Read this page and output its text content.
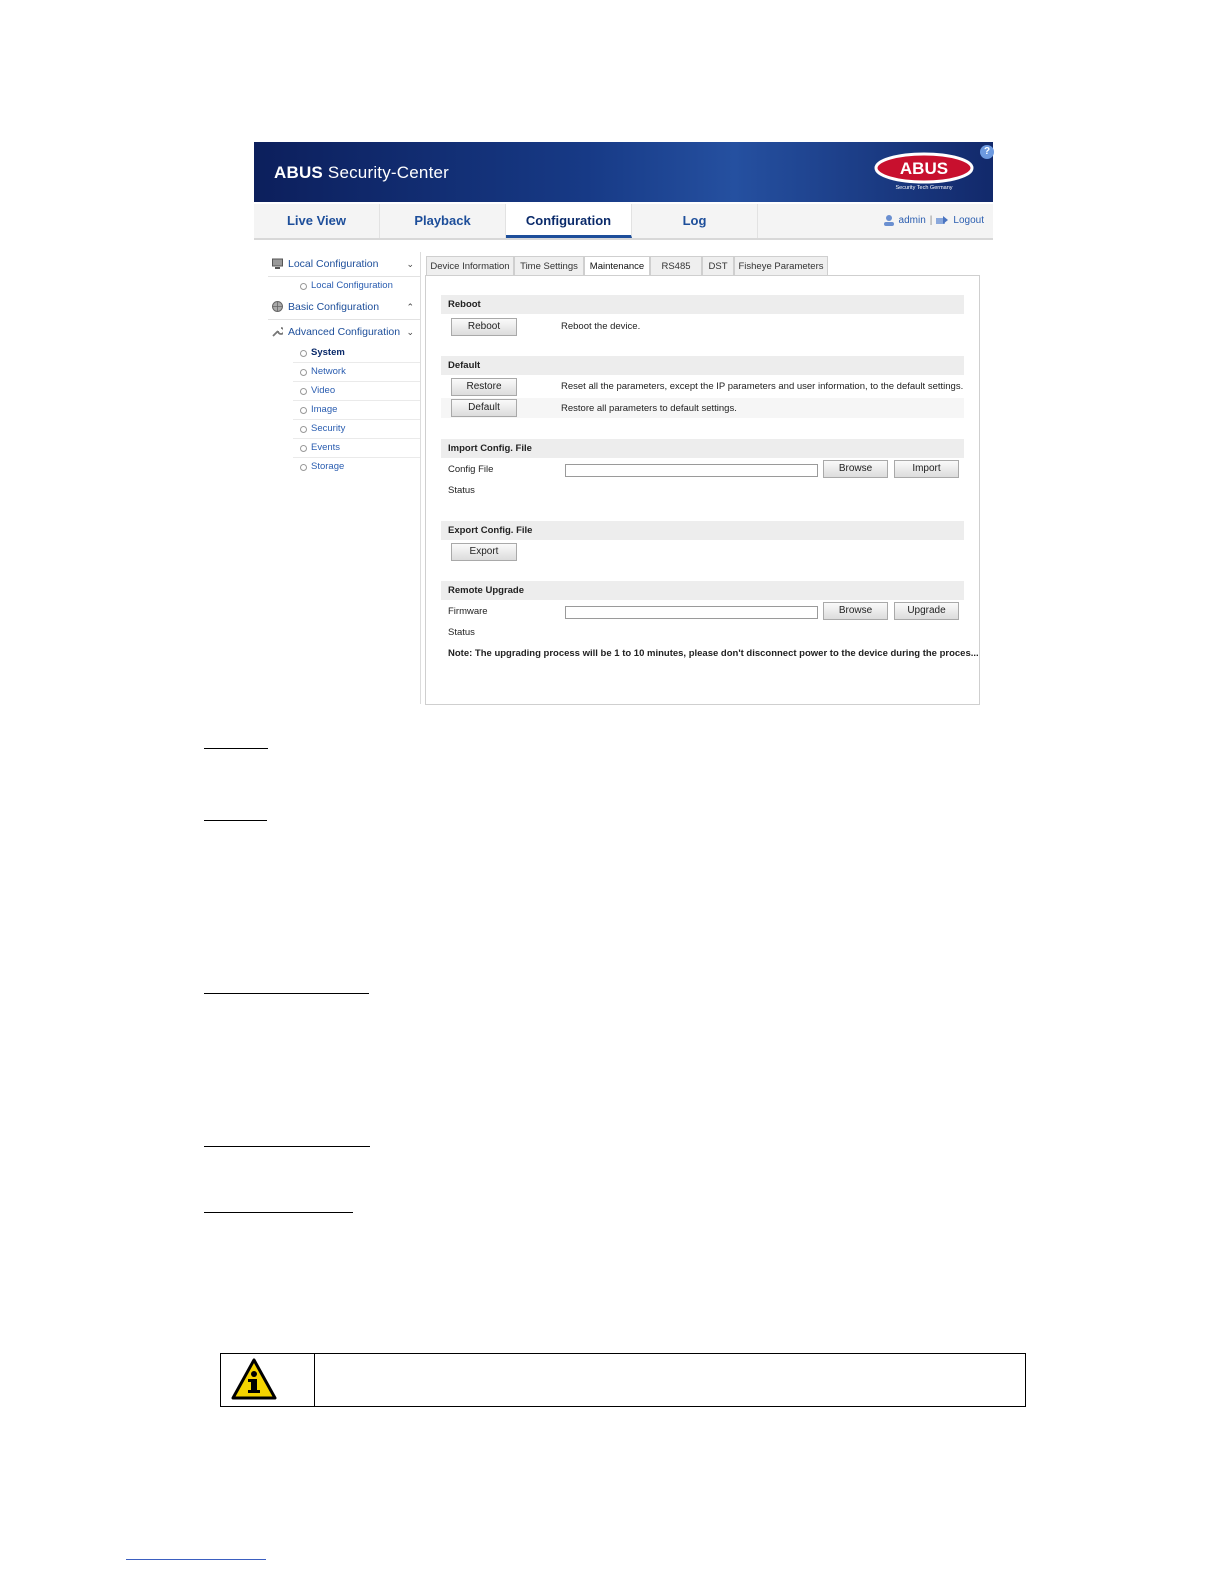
ABUS Security-Center
?
ABUS
Security Tech Germany
Live View	Playback	Configuration	Log	admin | Logout
Local Configuration	⌄
Local Configuration
Basic Configuration	⌃
Advanced Configuration ⌄
System
Network
Video
Image
Security
Events
Storage
Device Information	Time Settings	Maintenance	RS485	DST	Fisheye Parameters
Reboot
Reboot	Reboot the device.
Default
Restore	Reset all the parameters, except the IP parameters and user information, to the default settings.
Default	Restore all parameters to default settings.
Import Config. File
Config File	Browse	Import
Status
Export Config. File
Export
Remote Upgrade
Firmware	Browse	Upgrade
Status
Note: The upgrading process will be 1 to 10 minutes, please don't disconnect power to the device during the proces...
